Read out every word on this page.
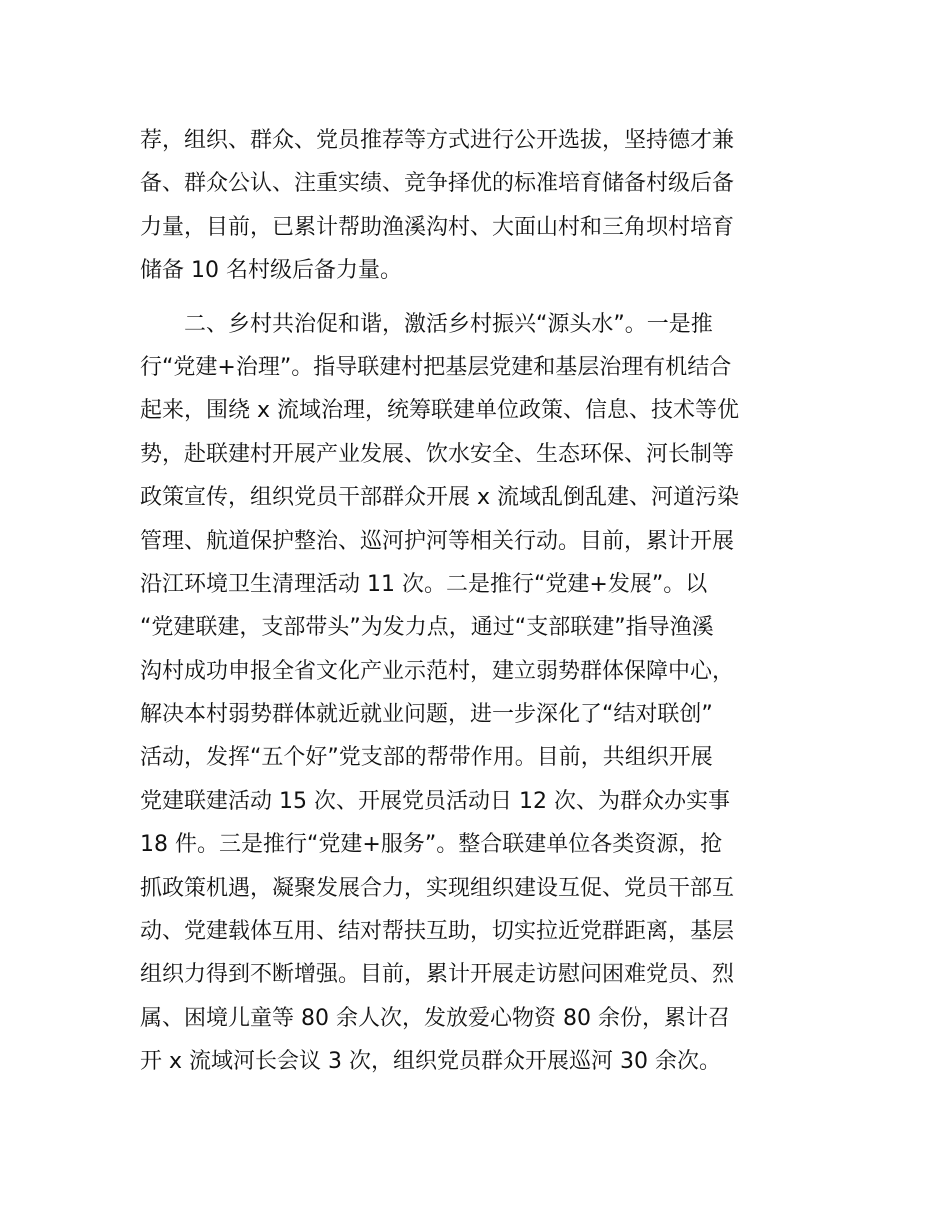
荐，组织、群众、党员推荐等方式进行公开选拔，坚持德才兼
备、群众公认、注重实绩、竞争择优的标准培育储备村级后备
力量，目前，已累计帮助渔溪沟村、大面山村和三角坝村培育
储备 10 名村级后备力量。
二、乡村共治促和谐，激活乡村振兴“源头水”。一是推
行“党建+治理”。指导联建村把基层党建和基层治理有机结合
起来，围绕 x 流域治理，统筹联建单位政策、信息、技术等优
势，赴联建村开展产业发展、饮水安全、生态环保、河长制等
政策宣传，组织党员干部群众开展 x 流域乱倒乱建、河道污染
管理、航道保护整治、巡河护河等相关行动。目前，累计开展
沿江环境卫生清理活动 11 次。二是推行“党建+发展”。以
“党建联建，支部带头”为发力点，通过“支部联建”指导渔溪
沟村成功申报全省文化产业示范村，建立弱势群体保障中心，
解决本村弱势群体就近就业问题，进一步深化了“结对联创”
活动，发挥“五个好”党支部的帮带作用。目前，共组织开展
党建联建活动 15 次、开展党员活动日 12 次、为群众办实事
18 件。三是推行“党建+服务”。整合联建单位各类资源，抢
抓政策机遇，凝聚发展合力，实现组织建设互促、党员干部互
动、党建载体互用、结对帮扶互助，切实拉近党群距离，基层
组织力得到不断增强。目前，累计开展走访慰问困难党员、烈
属、困境儿童等 80 余人次，发放爱心物资 80 余份，累计召
开 x 流域河长会议 3 次，组织党员群众开展巡河 30 余次。
